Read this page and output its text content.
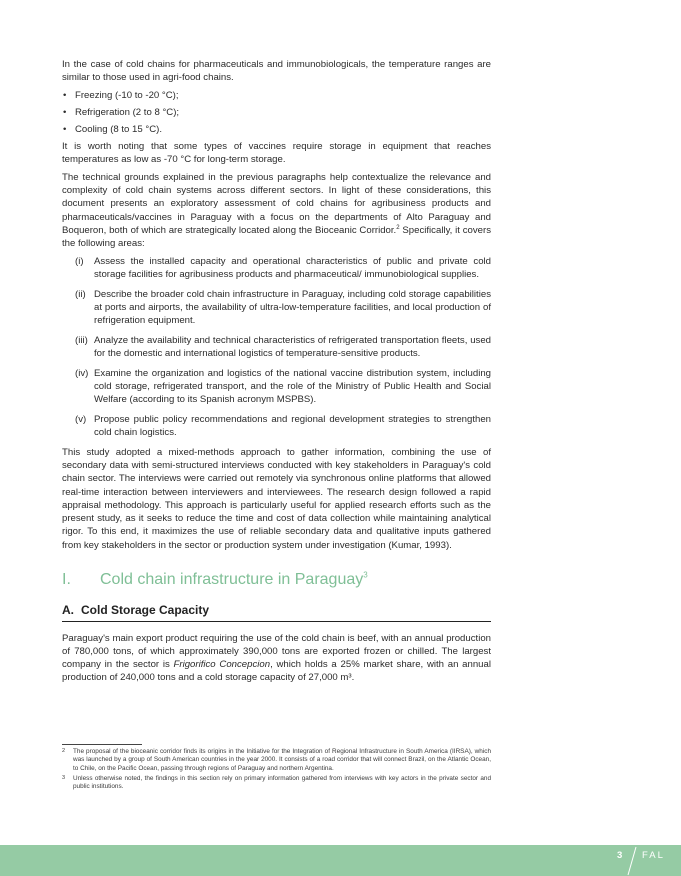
In the case of cold chains for pharmaceuticals and immunobiologicals, the temperature ranges are similar to those used in agri-food chains.

• Freezing (-10 to -20 °C);
• Refrigeration (2 to 8 °C);
• Cooling (8 to 15 °C).

It is worth noting that some types of vaccines require storage in equipment that reaches temperatures as low as -70 °C for long-term storage.

The technical grounds explained in the previous paragraphs help contextualize the relevance and complexity of cold chain systems across different sectors. In light of these considerations, this document presents an exploratory assessment of cold chains for agribusiness products and pharmaceuticals/vaccines in Paraguay with a focus on the departments of Alto Paraguay and Boqueron, both of which are strategically located along the Bioceanic Corridor.$^2$ Specifically, it covers the following areas:

(i) Assess the installed capacity and operational characteristics of public and private cold storage facilities for agribusiness products and pharmaceutical/ immunobiological supplies.
(ii) Describe the broader cold chain infrastructure in Paraguay, including cold storage capabilities at ports and airports, the availability of ultra-low-temperature facilities, and local production of refrigeration equipment.
(iii) Analyze the availability and technical characteristics of refrigerated transportation fleets, used for the domestic and international logistics of temperature-sensitive products.
(iv) Examine the organization and logistics of the national vaccine distribution system, including cold storage, refrigerated transport, and the role of the Ministry of Public Health and Social Welfare (according to its Spanish acronym MSPBS).
(v) Propose public policy recommendations and regional development strategies to strengthen cold chain logistics.

This study adopted a mixed-methods approach to gather information, combining the use of secondary data with semi-structured interviews conducted with key stakeholders in Paraguay's cold chain sector. The interviews were carried out remotely via synchronous online platforms that allowed real-time interaction between interviewers and interviewees. The research design followed a rapid appraisal methodology. This approach is particularly useful for applied research efforts such as the present study, as it seeks to reduce the time and cost of data collection while maintaining analytical rigor. To this end, it maximizes the use of reliable secondary data and qualitative inputs gathered from key stakeholders in the sector or production system under investigation (Kumar, 1993).

I. Cold chain infrastructure in Paraguay$^3$
A. Cold Storage Capacity

Paraguay's main export product requiring the use of the cold chain is beef, with an annual production of 780,000 tons, of which approximately 390,000 tons are exported frozen or chilled. The largest company in the sector is Frigorifico Concepcion, which holds a 25% market share, with an annual production of 240,000 tons and a cold storage capacity of 27,000 m³.

2 The proposal of the bioceanic corridor finds its origins in the Initiative for the Integration of Regional Infrastructure in South America (IIRSA), which was launched by a group of South American countries in the year 2000. It consists of a road corridor that will connect Brazil, on the Atlantic Ocean, to Chile, on the Pacific Ocean, passing through regions of Paraguay and northern Argentina.
3 Unless otherwise noted, the findings in this section rely on primary information gathered from interviews with key actors in the private sector and public institutions.
3 FAL
